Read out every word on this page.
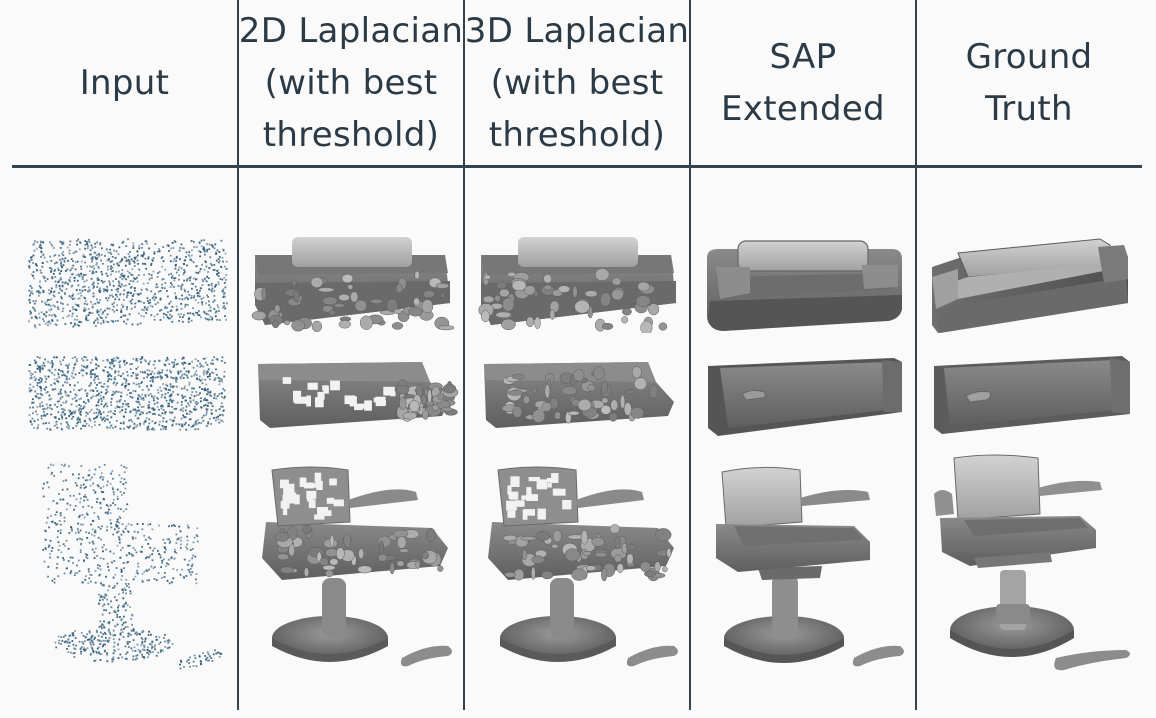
Input
2D Laplacian
(with best
threshold)
3D Laplacian
(with best
threshold)
SAP
Extended
Ground
Truth
